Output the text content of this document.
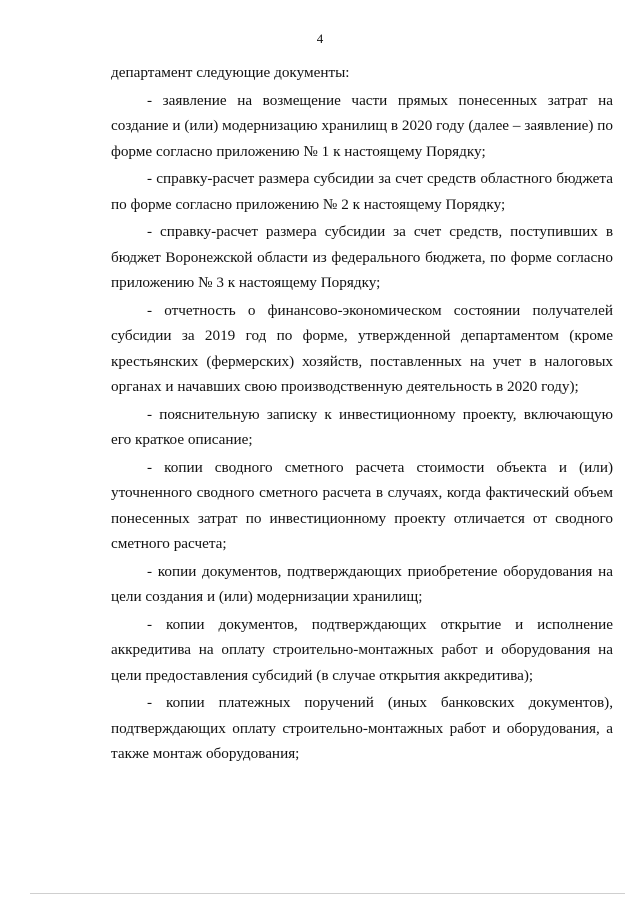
4

департамент следующие документы:

- заявление на возмещение части прямых понесенных затрат на создание и (или) модернизацию хранилищ в 2020 году (далее – заявление) по форме согласно приложению № 1 к настоящему Порядку;

- справку-расчет размера субсидии за счет средств областного бюджета по форме согласно приложению № 2 к настоящему Порядку;

- справку-расчет размера субсидии за счет средств, поступивших в бюджет Воронежской области из федерального бюджета, по форме согласно приложению № 3 к настоящему Порядку;

- отчетность о финансово-экономическом состоянии получателей субсидии за 2019 год по форме, утвержденной департаментом (кроме крестьянских (фермерских) хозяйств, поставленных на учет в налоговых органах и начавших свою производственную деятельность в 2020 году);

- пояснительную записку к инвестиционному проекту, включающую его краткое описание;

- копии сводного сметного расчета стоимости объекта и (или) уточненного сводного сметного расчета в случаях, когда фактический объем понесенных затрат по инвестиционному проекту отличается от сводного сметного расчета;

- копии документов, подтверждающих приобретение оборудования на цели создания и (или) модернизации хранилищ;

- копии документов, подтверждающих открытие и исполнение аккредитива на оплату строительно-монтажных работ и оборудования на цели предоставления субсидий (в случае открытия аккредитива);

- копии платежных поручений (иных банковских документов), подтверждающих оплату строительно-монтажных работ и оборудования, а также монтаж оборудования;
